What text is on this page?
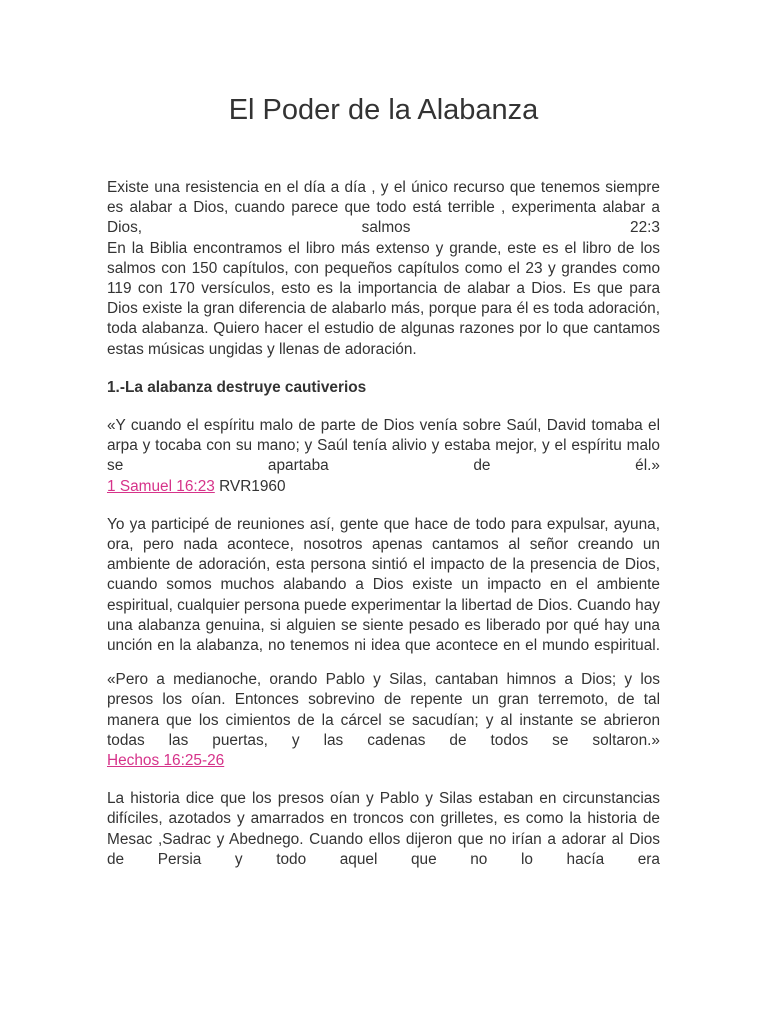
El Poder de la Alabanza

Existe una resistencia en el día a día , y el único recurso que tenemos siempre es alabar a Dios, cuando parece que todo está terrible , experimenta alabar a Dios, salmos 22:3

En la Biblia encontramos el libro más extenso y grande, este es el libro de los salmos con 150 capítulos, con pequeños capítulos como el 23 y grandes como 119 con 170 versículos, esto es la importancia de alabar a Dios. Es que para Dios existe la gran diferencia de alabarlo más, porque para él es toda adoración, toda alabanza. Quiero hacer el estudio de algunas razones por lo que cantamos estas músicas ungidas y llenas de adoración.

1.-La alabanza destruye cautiverios

«Y cuando el espíritu malo de parte de Dios venía sobre Saúl, David tomaba el arpa y tocaba con su mano; y Saúl tenía alivio y estaba mejor, y el espíritu malo se apartaba de él.»

1 Samuel 16:23 RVR1960

Yo ya participé de reuniones así, gente que hace de todo para expulsar, ayuna, ora, pero nada acontece, nosotros apenas cantamos al señor creando un ambiente de adoración, esta persona sintió el impacto de la presencia de Dios, cuando somos muchos alabando a Dios existe un impacto en el ambiente espiritual, cualquier persona puede experimentar la libertad de Dios. Cuando hay una alabanza genuina, si alguien se siente pesado es liberado por qué hay una unción en la alabanza, no tenemos ni idea que acontece en el mundo espiritual.

«Pero a medianoche, orando Pablo y Silas, cantaban himnos a Dios; y los presos los oían. Entonces sobrevino de repente un gran terremoto, de tal manera que los cimientos de la cárcel se sacudían; y al instante se abrieron todas las puertas, y las cadenas de todos se soltaron.»

Hechos 16:25-26

La historia dice que los presos oían y Pablo y Silas estaban en circunstancias difíciles, azotados y amarrados en troncos con grilletes, es como la historia de Mesac ,Sadrac y Abednego. Cuando ellos dijeron que no irían a adorar al Dios de Persia y todo aquel que no lo hacía era
